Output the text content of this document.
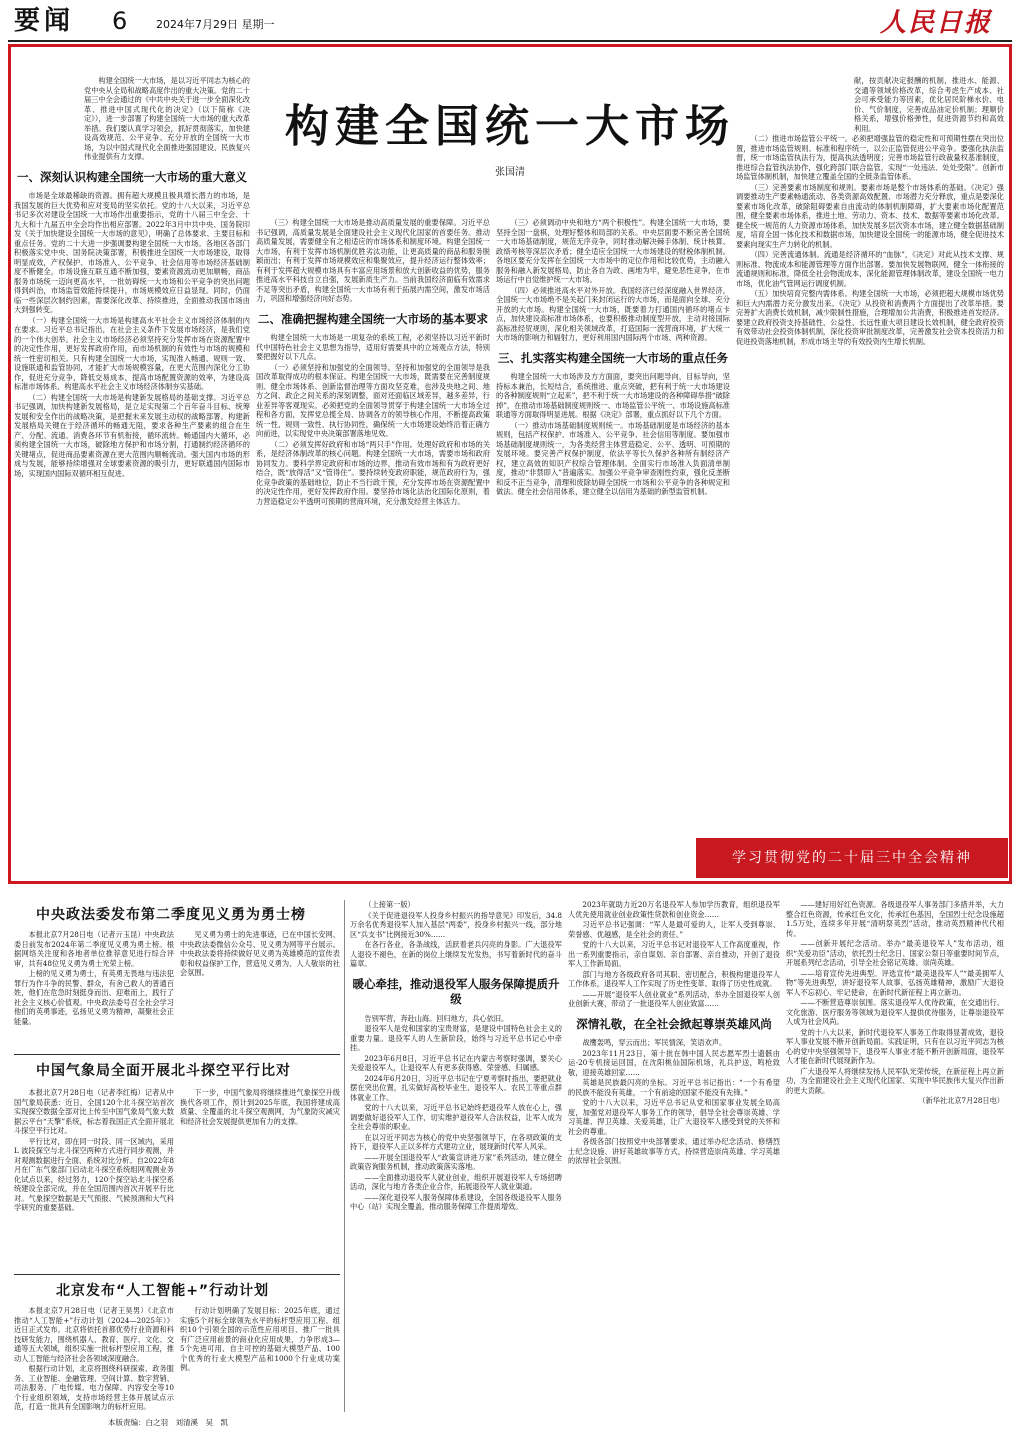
要闻 6	2024年7月29日 星期一	人民日报
构建全国统一大市场
张国清

构建全国统一大市场，是以习近平同志为核心的党中央从全局和战略高度作出的重大决策。党的二十届三中全会通过的《中共中央关于进一步全面深化改革、推进中国式现代化的决定》（以下简称《决定》），进一步部署了构建全国统一大市场的重大改革举措。我们要认真学习领会，抓好贯彻落实，加快建设高效规范、公平竞争、充分开放的全国统一大市场，为以中国式现代化全面推进强国建设、民族复兴伟业提供有力支撑。

一、深刻认识构建全国统一大市场的重大意义

市场是全球最稀缺的资源。拥有超大规模且极具增长潜力的市场，是我国发展的巨大优势和应对变局的坚实依托。党的十八大以来，习近平总书记多次对建设全国统一大市场作出重要指示，党的十八届三中全会、十九大和十九届五中全会均作出相应部署。2022年3月中共中央、国务院印发《关于加快建设全国统一大市场的意见》，明确了总体要求、主要目标和重点任务。党的二十大进一步强调要构建全国统一大市场。各地区各部门积极落实党中央、国务院决策部署，积极推进全国统一大市场建设，取得明显成效，产权保护、市场准入、公平竞争、社会信用等市场经济基础制度不断健全，市场设施互联互通不断加强，要素资源流动更加顺畅，商品服务市场统一迈向更高水平，一批妨碍统一大市场和公平竞争的突出问题得到纠治，市场监管效能持续提升，市场规模效应日益显现。同时，仍面临一些深层次制约因素，需要深化改革、持续推进，全面推动我国市场由大到强转变。

（一）构建全国统一大市场是构建高水平社会主义市场经济体制的内在要求。习近平总书记指出，在社会主义条件下发展市场经济，是我们党的一个伟大创举。社会主义市场经济必须坚持充分发挥市场在资源配置中的决定性作用，更好发挥政府作用，而市场机制的有效性与市场的规模和统一性密切相关。只有构建全国统一大市场，实现准入畅通、规则一致、设施联通和监管协同，才能扩大市场规模容量，在更大范围内深化分工协作，促进充分竞争，降低交易成本，提高市场配置资源的效率，为建设高标准市场体系、构建高水平社会主义市场经济体制夯实基础。

（二）构建全国统一大市场是构建新发展格局的基础支撑。习近平总书记强调，加快构建新发展格局，是立足实现第二个百年奋斗目标、统筹发展和安全作出的战略决策，是把握未来发展主动权的战略部署。构建新发展格局关键在于经济循环的畅通无阻，要求各种生产要素的组合在生产、分配、流通、消费各环节有机衔接，循环流转。畅通国内大循环，必须构建全国统一大市场，破除地方保护和市场分割，打通制约经济循环的关键堵点，促进商品要素资源在更大范围内顺畅流动。强大国内市场的形成与发展，能够持续增强对全球要素资源的吸引力，更好联通国内国际市场，实现国内国际双循环相互促进。

（三）构建全国统一大市场是推动高质量发展的重要保障。习近平总书记强调，高质量发展是全面建设社会主义现代化国家的首要任务。推动高质量发展，需要健全有之相适应的市场体系和制度环境。构建全国统一大市场，有利于发挥市场机制优胜劣汰功能，让更高质量的商品和服务脱颖而出；有利于发挥市场规模效应和集聚效应，提升经济运行整体效率；有利于发挥超大规模市场具有丰富应用场景和放大创新收益的优势，服务推进高水平科技自立自强，发展新质生产力。当前我国经济面临有效需求不足等突出矛盾，构建全国统一大市场有利于拓展内需空间，激发市场活力，巩固和增强经济向好态势。

二、准确把握构建全国统一大市场的基本要求

构建全国统一大市场是一项复杂的系统工程，必须坚持以习近平新时代中国特色社会主义思想为指导，适用好需要具中的立场观点方法，特别要把握好以下几点。

（一）必须坚持和加强党的全面领导。坚持和加强党的全面领导是我国改革取得成功的根本保证。构建全国统一大市场，既需要在完善制度规则、健全市场体系、创新监督治理等方面攻坚克难，也涉及央地之间、地方之间、政企之间关系的深刻调整，面对还面临区域差异，越多差异，行业差异等客观现实。必须把党的全面领导贯穿于构建全国统一大市场全过程和各方面，发挥党总揽全局、协调各方的领导核心作用，不断提高政策统一性、规则一致性、执行协同性，确保统一大市场建设始终沿着正确方向前进，以实现党中央决策部署落地见效。

（二）必须发挥好政府和市场“两只手”作用。处理好政府和市场的关系，是经济体制改革的核心问题。构建全国统一大市场，需要市场和政府协同发力。要科学界定政府和市场的边界，推动有效市场和有为政府更好结合，既“放得活”又“管得住”。要持续转变政府职能，规范政府行为，强化竞争政策的基础地位，防止不当行政干预，充分发挥市场在资源配置中的决定性作用，更好发挥政府作用。要坚持市场化法治化国际化原则，着力营造稳定公平透明可预期的营商环境，充分激发经营主体活力。

（三）必须调动中央和地方“两个积极性”。构建全国统一大市场，要坚持全国一盘棋，处理好整体和局部的关系。中央层面要不断完善全国统一大市场基础制度，规范无序竞争，同时推动解决棘手体制、统计核算、政绩考核等深层次矛盾；健全适应全国统一大市场建设的财税体制机制。各地区要充分发挥在全国统一大市场中的定位作用和比较优势，主动融入服务和融入新发展格局，防止各自为政、画地为牢，避免恶性竞争，在市场运行中自觉维护统一大市场。

（四）必须推进高水平对外开放。我国经济已经深度融入世界经济，全国统一大市场绝不是关起门来封闭运行的大市场，而是面向全球、充分开放的大市场。构建全国统一大市场，既要着力打通国内循环的堵点卡点，加快建设高标准市场体系，也要积极推动制度型开放，主动对接国际高标准经贸规则，深化相关领域改革，打造国际一流营商环境，扩大统一大市场的影响力和辐射力，更好利用国内国际两个市场、两种资源。

三、扎实落实构建全国统一大市场的重点任务

构建全国统一大市场涉及方方面面，要突出问题导向，目标导向，坚持标本兼治，长短结合，系统推进、重点突破，把有利于统一大市场建设的各种制度规则“立起来”，把不利于统一大市场建设的各种障碍举措“破除掉”，在推动市场基础制度规则统一、市场监管公平统一、市场设施高标准联通等方面取得明显进展。根据《决定》部署，重点抓好以下几个方面。

（一）推动市场基础制度规则统一。市场基础制度是市场经济的基本规则，包括产权保护、市场准入、公平竞争、社会信用等制度。要加强市场基础制度规则统一，为各类经营主体营造稳定、公平、透明、可预期的发展环境。要完善产权保护制度，依法平等长久保护各种所有制经济产权，建立高效的知识产权综合管理体制。全面实行市场准入负面清单制度，推动“非禁即入”普遍落实。加强公平竞争审查刚性约束，强化反垄断和反不正当竞争，清理和废除妨碍全国统一市场和公平竞争的各种规定和做法。健全社会信用体系，建立健全以信用为基础的新型监管机制。

献，按贡献决定报酬的机制，推进水、能源、交通等领域价格改革，综合考虑生产成本、社会可承受能力等因素，优化居民阶梯水价、电价、气价制度，完善成品油定价机制；理顺价格关系，增强价格弹性，促进资源节约和高效利用。

（二）推进市场监管公平统一。必须把增强监管的稳定性和可预期性摆在突出位置，推进市场监管规则、标准和程序统一，以公正监管促进公平竞争。要强化执法监督，统一市场监管执法行为，提高执法透明度；完善市场监管行政裁量权基准制度，推进综合监管执法协作，强化跨部门联合监管，实现“一处违法、处处受限”。创新市场监管体制机制，加快建立覆盖全国的全链条监管体系。

（三）完善要素市场制度和规则。要素市场是整个市场体系的基础。《决定》强调要推动生产要素畅通流动、各类资源高效配置、市场潜力充分释放，重点是要深化要素市场化改革，破除阻碍要素自由流动的体制机制障碍，扩大要素市场化配置范围，健全要素市场体系，推进土地、劳动力、资本、技术、数据等要素市场化改革。健全统一规范的人力资源市场体系，加快发展多层次资本市场，建立健全数据基础制度，培育全国一体化技术和数据市场，加快建设全国统一的能源市场，健全促进技术要素向现实生产力转化的机制。

（四）完善流通体制。流通是经济循环的“血脉”，《决定》对此从技术支撑、规则标准、物流成本和能源管理等方面作出部署。要加快发展物联网，健全一体衔接的流通规则和标准，降低全社会物流成本，深化能源管理体制改革，建设全国统一电力市场，优化油气管网运行调度机制。

（五）加快培育完整内需体系。构建全国统一大市场，必须把超大规模市场优势和巨大内需潜力充分激发出来。《决定》从投资和消费两个方面提出了改革举措。要完善扩大消费长效机制，减少限制性措施，合理增加公共消费，积极推进首发经济。要建立政府投资支持基础性、公益性、长远性重大项目建设长效机制，健全政府投资有效带动社会投资体制机制，深化投资审批制度改革，完善激发社会资本投资活力和促进投资落地机制，形成市场主导的有效投资内生增长机制。

学习贯彻党的二十届三中全会精神
中央政法委发布第二季度见义勇为勇士榜

本报北京7月28日电（记者亓玉昆）中央政法委日前发布2024年第二季度见义勇为勇士榜。根据网络关注度和各地者单位推荐意见进行综合评审，共有48位见义勇为勇士光荣上榜。

上榜的见义勇为勇士，有英勇无畏地与违法犯罪行为作斗争的民警、群众，有舍己救人的普通百姓，他们在危急时刻挺身而出、迎难而上，践行了社会主义核心价值观。中央政法委号召全社会学习他们的英勇事迹，弘扬见义勇为精神，凝聚社会正能量。

见义勇为勇士的先进事迹，已在中国长安网、中央政法委微信公众号、见义勇为网等平台展示。中央政法委将持续做好见义勇为英雄模范的宣传表彰和权益保护工作，营造见义勇为、人人敬崇的社会氛围。

中国气象局全面开展北斗探空平行比对

本报北京7月28日电（记者李红梅）记者从中国气象局获悉：近日，全国120个北斗探空站首次实现探空数据全部对比上传至中国气象局气象大数据云平台“天擎”系统，标志着我国正式全面开展北斗探空平行比对。

平行比对，即在同一时段、同一区域内，采用 L 波段探空与北斗探空两种方式进行同步观测，并对观测数据进行全面、系统对比分析。自2022年8月在广东气象部门启动北斗探空系统组网观测业务化试点以来，经过努力，120个探空站北斗探空系统建设全部完成，并在全国范围内首次开展平行比对。气象探空数据是天气预报、气候预测和大气科学研究的重要基础。

下一步，中国气象局将继续推进气象探空升级换代各项工作，预计到2025年底，我国将建成高质量、全覆盖的北斗探空观测网，为气象防灾减灾和经济社会发展提供更加有力的支撑。

北京发布“人工智能+”行动计划

本报北京7月28日电（记者王昊男）《北京市推动“人工智能+”行动计划（2024—2025年）》近日正式发布。北京将依托首都优势行业资源和科技研发能力，围绕机器人、教育、医疗、文化、交通等五大领域，组织实施一批标杆型应用工程，推动人工智能与经济社会各领域深度融合。

根据行动计划，北京将围绕科研探索、政务服务、工业智能、金融管理、空间计算、数字营销、司法服务、广电传媒、电力保障、内容安全等10个行业组织领域，支持市场经营主体开展试点示范，打造一批具有全国影响力的标杆应用。

行动计划明确了发展目标：2025年底，通过实施5个对标全球领先水平的标杆型应用工程、组织10个引领全国的示范性应用项目、推广一批具有广泛应用前景的商业化应用成果，力争形成3—5个先进可用、自主可控的基础大模型产品、100个优秀的行业大模型产品和1000个行业成功案例。

（上接第一版）

《关于促进退役军人投身乡村振兴的指导意见》印发后，34.8万余名优秀退役军人加入基层“两委”，投身乡村振兴一线，部分地区“兵支书”比例接近30%……

在各行各业，各条战线，活跃着老兵闪亮的身影。广大退役军人退役不褪色，在新的岗位上继续发光发热，书写着新时代的奋斗篇章。

暖心牵挂，推动退役军人服务保障提质升级

告别军营，奔赴山海。回归地方，兵心依旧。

退役军人是党和国家的宝贵财富，是建设中国特色社会主义的重要力量。退役军人的人生新阶段，始终与习近平总书记心中牵挂。

2023年6月8日，习近平总书记在内蒙古考察时强调，要关心关爱退役军人，让退役军人有更多获得感、荣誉感、归属感。

2024年6月20日，习近平总书记在宁夏考察时指出，要把就业摆在突出位置，扎实做好高校毕业生、退役军人、农民工等重点群体就业工作。

党的十八大以来，习近平总书记始终把退役军人放在心上，强调要做好退役军人工作，切实维护退役军人合法权益，让军人成为全社会尊崇的职业。

在以习近平同志为核心的党中央坚强领导下，在各项政策的支持下，退役军人正以多样方式建功立业，展现新时代军人风采。

——开展全国退役军人“政策宣讲进万家”系列活动，建立健全政策咨询服务机制，推动政策落实落地。

——全面推动退役军人就业创业，组织开展退役军人专场招聘活动，深化与地方各类企业合作，拓展退役军人就业渠道。

——深化退役军人服务保障体系建设，全国各级退役军人服务中心（站）实现全覆盖，推动服务保障工作提质增效。

2023年就助力近20万名退役军人参加学历教育，组织退役军人优先使用就业创业政策性贷款和创业资金……

习近平总书记强调：“军人是最可爱的人，让军人受到尊崇、荣誉感、优越感，是全社会的责任。”

党的十八大以来，习近平总书记对退役军人工作高度重视，作出一系列重要指示，亲自谋划、亲自部署、亲自推动，开创了退役军人工作新局面。

部门与地方各级政府各司其职、密切配合，积极构建退役军人工作体系，退役军人工作实现了历史性变革、取得了历史性成就。

——开展“退役军人创业就业”系列活动，举办全国退役军人创业创新大赛，带动了一批退役军人创业致富……

深情礼敬，在全社会掀起尊崇英雄风尚

战鹰轰鸣，穿云而出；军民情深，笑语欢声。

2023年11月23日，第十批在韩中国人民志愿军烈士遗骸由运-20专机接运回国，在沈阳桃仙国际机场，礼兵护送，鸣枪致敬，迎接英雄回家……

英雄是民族最闪亮的坐标。习近平总书记指出：“一个有希望的民族不能没有英雄，一个有前途的国家不能没有先锋。”

党的十八大以来，习近平总书记从党和国家事业发展全局高度，加强党对退役军人事务工作的领导，倡导全社会尊崇英雄、学习英雄、捍卫英雄、关爱英雄，让广大退役军人感受到党的关怀和社会的尊重。

各级各部门按照党中央部署要求，通过举办纪念活动、修缮烈士纪念设施、讲好英雄故事等方式，持续营造崇尚英雄、学习英雄的浓厚社会氛围。

——建好用好红色资源。各级退役军人事务部门多措并举，大力整合红色资源，传承红色文化，传承红色基因，全国烈士纪念设施超1.5万处，连续多年开展“清明祭英烈”活动，推动英烈精神代代相传。

——创新开展纪念活动。举办“最美退役军人”发布活动，组织“关爱功臣”活动，依托烈士纪念日、国家公祭日等重要时间节点，开展系列纪念活动，引导全社会铭记英雄、崇尚英雄。

——培育宣传先进典型。评选宣传“最美退役军人”“最美拥军人物”等先进典型，讲好退役军人故事，弘扬英雄精神，激励广大退役军人不忘初心、牢记使命，在新时代新征程上再立新功。

——不断营造尊崇氛围。落实退役军人优待政策，在交通出行、文化旅游、医疗服务等领域为退役军人提供优待服务，让尊崇退役军人成为社会风尚。

党的十八大以来，新时代退役军人事务工作取得显著成效，退役军人事业发展不断开创新局面。实践证明，只有在以习近平同志为核心的党中央坚强领导下，退役军人事业才能不断开创新局面，退役军人才能在新时代展现新作为。

广大退役军人将继续发扬人民军队光荣传统，在新征程上再立新功，为全面建设社会主义现代化国家、实现中华民族伟大复兴作出新的更大贡献。

（新华社北京7月28日电）

本版责编：白之羽　刘清溪　吴　凯
